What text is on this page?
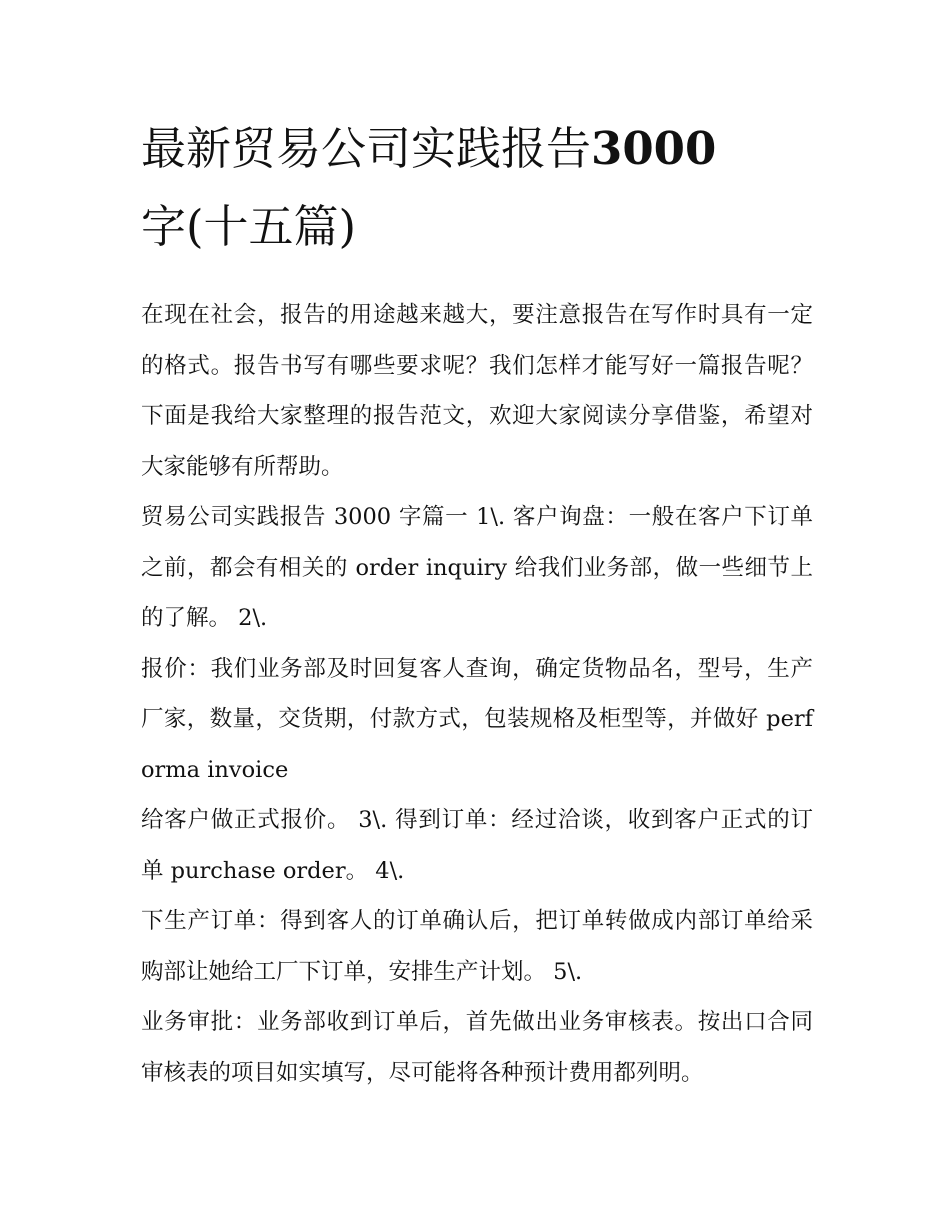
最新贸易公司实践报告3000
字(十五篇)

在现在社会，报告的用途越来越大，要注意报告在写作时具有一定的格式。报告书写有哪些要求呢？我们怎样才能写好一篇报告呢？下面是我给大家整理的报告范文，欢迎大家阅读分享借鉴，希望对大家能够有所帮助。

贸易公司实践报告 3000 字篇一 1\. 客户询盘：一般在客户下订单之前，都会有相关的 order inquiry 给我们业务部，做一些细节上的了解。 2\.

报价：我们业务部及时回复客人查询，确定货物品名，型号，生产厂家，数量，交货期，付款方式，包装规格及柜型等，并做好 performa invoice

给客户做正式报价。 3\. 得到订单：经过洽谈，收到客户正式的订单 purchase order。 4\.

下生产订单：得到客人的订单确认后，把订单转做成内部订单给采购部让她给工厂下订单，安排生产计划。 5\.

业务审批：业务部收到订单后，首先做出业务审核表。按出口合同审核表的项目如实填写，尽可能将各种预计费用都列明。
